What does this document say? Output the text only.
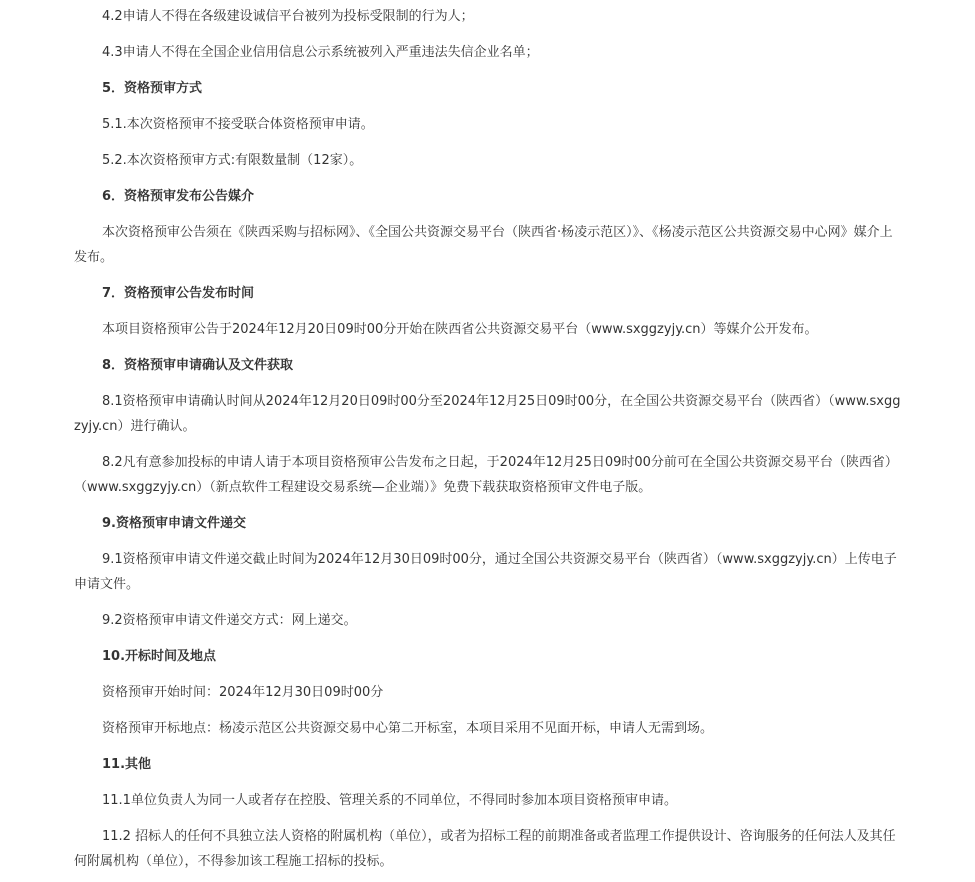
4.2申请人不得在各级建设诚信平台被列为投标受限制的行为人；

4.3申请人不得在全国企业信用信息公示系统被列入严重违法失信企业名单；

5．资格预审方式

5.1.本次资格预审不接受联合体资格预审申请。

5.2.本次资格预审方式:有限数量制（12家）。

6．资格预审发布公告媒介

本次资格预审公告须在《陕西采购与招标网》、《全国公共资源交易平台（陕西省·杨凌示范区）》、《杨凌示范区公共资源交易中心网》媒介上发布。

7．资格预审公告发布时间

本项目资格预审公告于2024年12月20日09时00分开始在陕西省公共资源交易平台（www.sxggzyjy.cn）等媒介公开发布。

8．资格预审申请确认及文件获取

8.1资格预审申请确认时间从2024年12月20日09时00分至2024年12月25日09时00分，在全国公共资源交易平台（陕西省）（www.sxggzyjy.cn）进行确认。

8.2凡有意参加投标的申请人请于本项目资格预审公告发布之日起，于2024年12月25日09时00分前可在全国公共资源交易平台（陕西省）（www.sxggzyjy.cn）（新点软件工程建设交易系统—企业端）》免费下载获取资格预审文件电子版。

9.资格预审申请文件递交

9.1资格预审申请文件递交截止时间为2024年12月30日09时00分，通过全国公共资源交易平台（陕西省）（www.sxggzyjy.cn）上传电子申请文件。

9.2资格预审申请文件递交方式：网上递交。

10.开标时间及地点

资格预审开始时间：2024年12月30日09时00分

资格预审开标地点：杨凌示范区公共资源交易中心第二开标室，本项目采用不见面开标，申请人无需到场。

11.其他

11.1单位负责人为同一人或者存在控股、管理关系的不同单位，不得同时参加本项目资格预审申请。

11.2 招标人的任何不具独立法人资格的附属机构（单位），或者为招标工程的前期准备或者监理工作提供设计、咨询服务的任何法人及其任何附属机构（单位），不得参加该工程施工招标的投标。
